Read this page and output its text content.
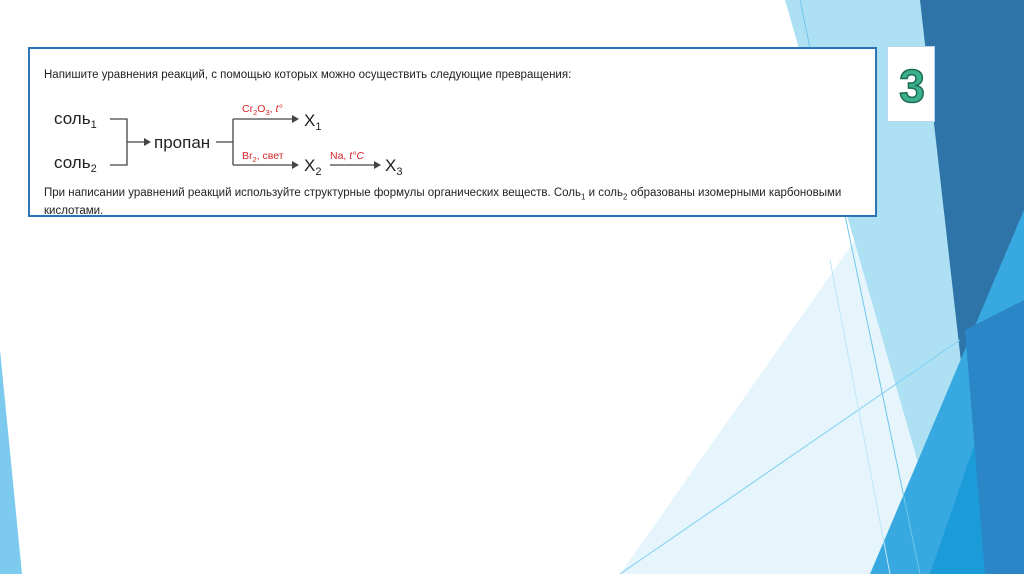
Напишите уравнения реакций, с помощью которых можно осуществить следующие превращения:
соль$_1$
соль$_2$
пропан
$Cr_2O_3$, t°
$Br_2$, свет
$X_1$
$X_2$
Na, t°C $X_3$
При написании уравнений реакций используйте структурные формулы органических веществ. Соль$_1$ и соль$_2$ образованы изомерными карбоновыми кислотами.
3
